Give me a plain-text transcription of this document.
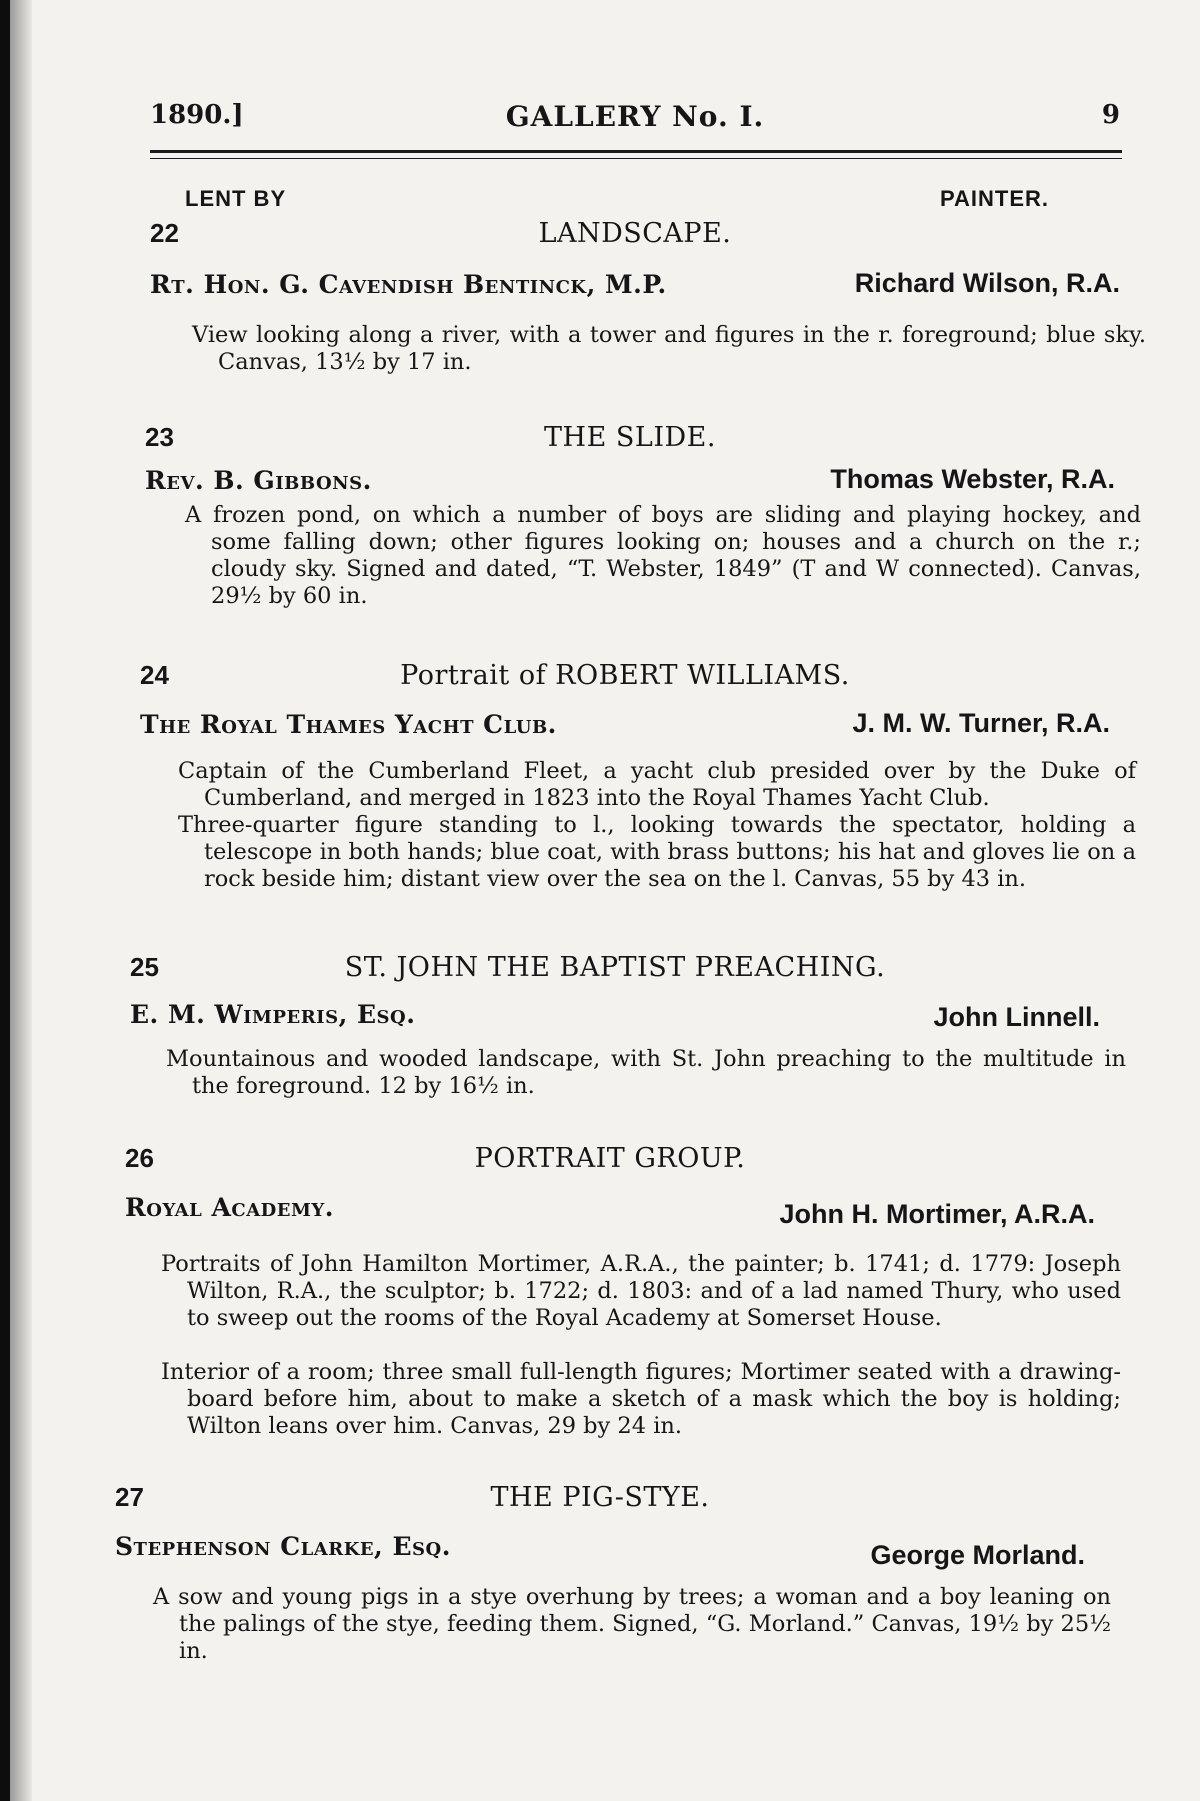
1890.]	GALLERY No. I.	9
LENT BY	PAINTER.
22	LANDSCAPE.
Rt. Hon. G. Cavendish Bentinck, M.P.	Richard Wilson, R.A.

View looking along a river, with a tower and figures in the r. foreground; blue sky. Canvas, 13½ by 17 in.

23	THE SLIDE.
Rev. B. Gibbons.	Thomas Webster, R.A.

A frozen pond, on which a number of boys are sliding and playing hockey, and some falling down; other figures looking on; houses and a church on the r.; cloudy sky. Signed and dated, “T. Webster, 1849” (T and W connected). Canvas, 29½ by 60 in.

24	Portrait of ROBERT WILLIAMS.
The Royal Thames Yacht Club.	J. M. W. Turner, R.A.

Captain of the Cumberland Fleet, a yacht club presided over by the Duke of Cumberland, and merged in 1823 into the Royal Thames Yacht Club.

Three-quarter figure standing to l., looking towards the spectator, holding a telescope in both hands; blue coat, with brass buttons; his hat and gloves lie on a rock beside him; distant view over the sea on the l. Canvas, 55 by 43 in.

25	ST. JOHN THE BAPTIST PREACHING.
E. M. Wimperis, Esq.	John Linnell.

Mountainous and wooded landscape, with St. John preaching to the multitude in the foreground. 12 by 16½ in.

26	PORTRAIT GROUP.
Royal Academy.	John H. Mortimer, A.R.A.

Portraits of John Hamilton Mortimer, A.R.A., the painter; b. 1741; d. 1779: Joseph Wilton, R.A., the sculptor; b. 1722; d. 1803: and of a lad named Thury, who used to sweep out the rooms of the Royal Academy at Somerset House.

Interior of a room; three small full-length figures; Mortimer seated with a drawing-board before him, about to make a sketch of a mask which the boy is holding; Wilton leans over him. Canvas, 29 by 24 in.

27	THE PIG-STYE.
Stephenson Clarke, Esq.	George Morland.

A sow and young pigs in a stye overhung by trees; a woman and a boy leaning on the palings of the stye, feeding them. Signed, “G. Morland.” Canvas, 19½ by 25½ in.
